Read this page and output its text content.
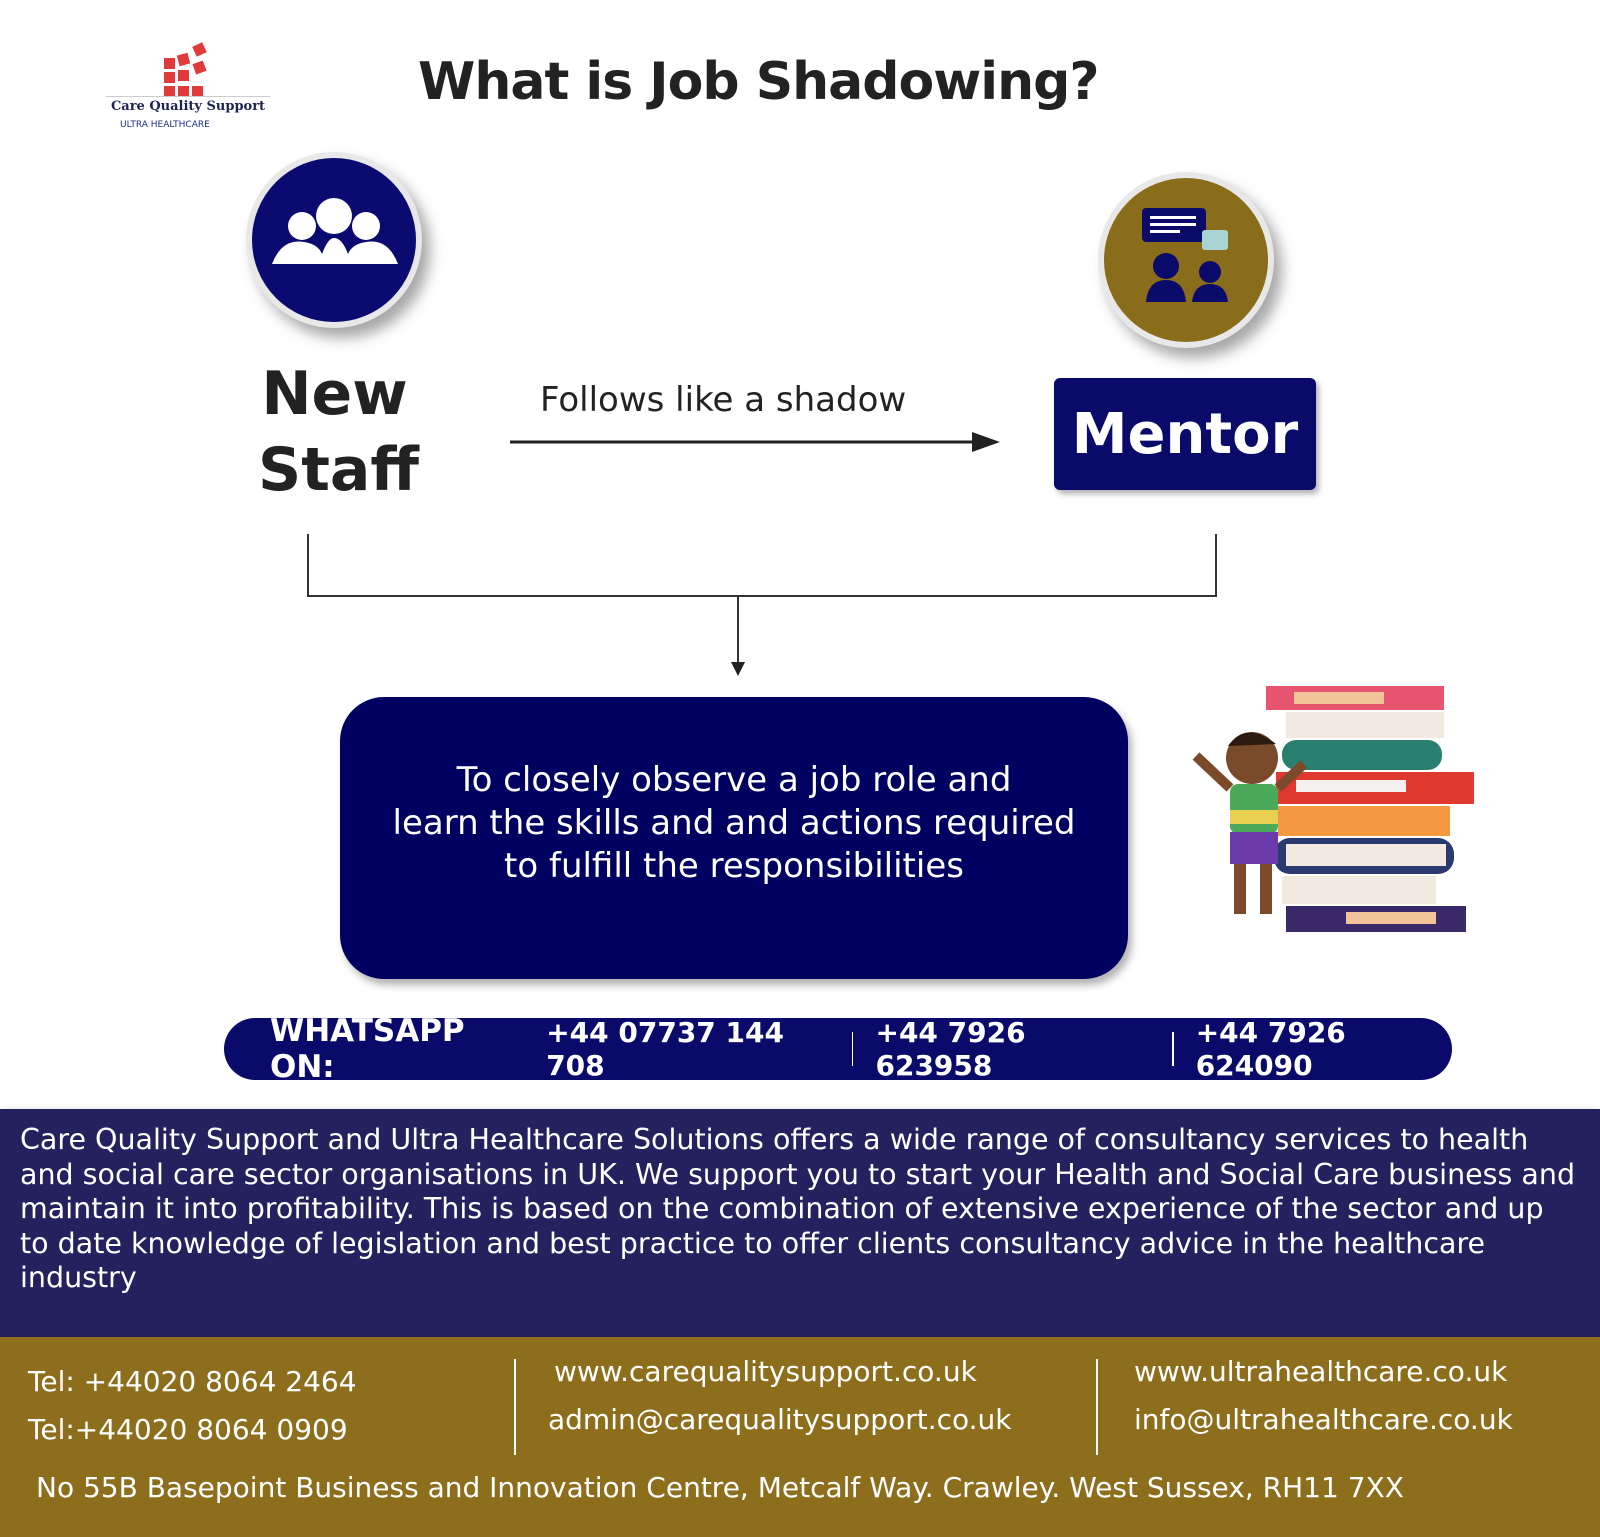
Care Quality Support
ULTRA HEALTHCARE
What is Job Shadowing?
New
Staff
Follows like a shadow
Mentor
To closely observe a job role and
learn the skills and and actions required
to fulfill the responsibilities
WHATSAPP ON:
+44 07737 144 708
+44 7926 623958
+44 7926 624090
Care Quality Support and Ultra Healthcare Solutions offers a wide range of consultancy services to health and social care sector organisations in UK. We support you to start your Health and Social Care business and maintain it into profitability. This is based on the combination of extensive experience of the sector and up to date knowledge of legislation and best practice to offer clients consultancy advice in the healthcare industry
Tel: +44020 8064 2464
Tel:+44020 8064 0909
www.carequalitysupport.co.uk
admin@carequalitysupport.co.uk
www.ultrahealthcare.co.uk
info@ultrahealthcare.co.uk
No 55B Basepoint Business and Innovation Centre, Metcalf Way. Crawley. West Sussex, RH11 7XX
